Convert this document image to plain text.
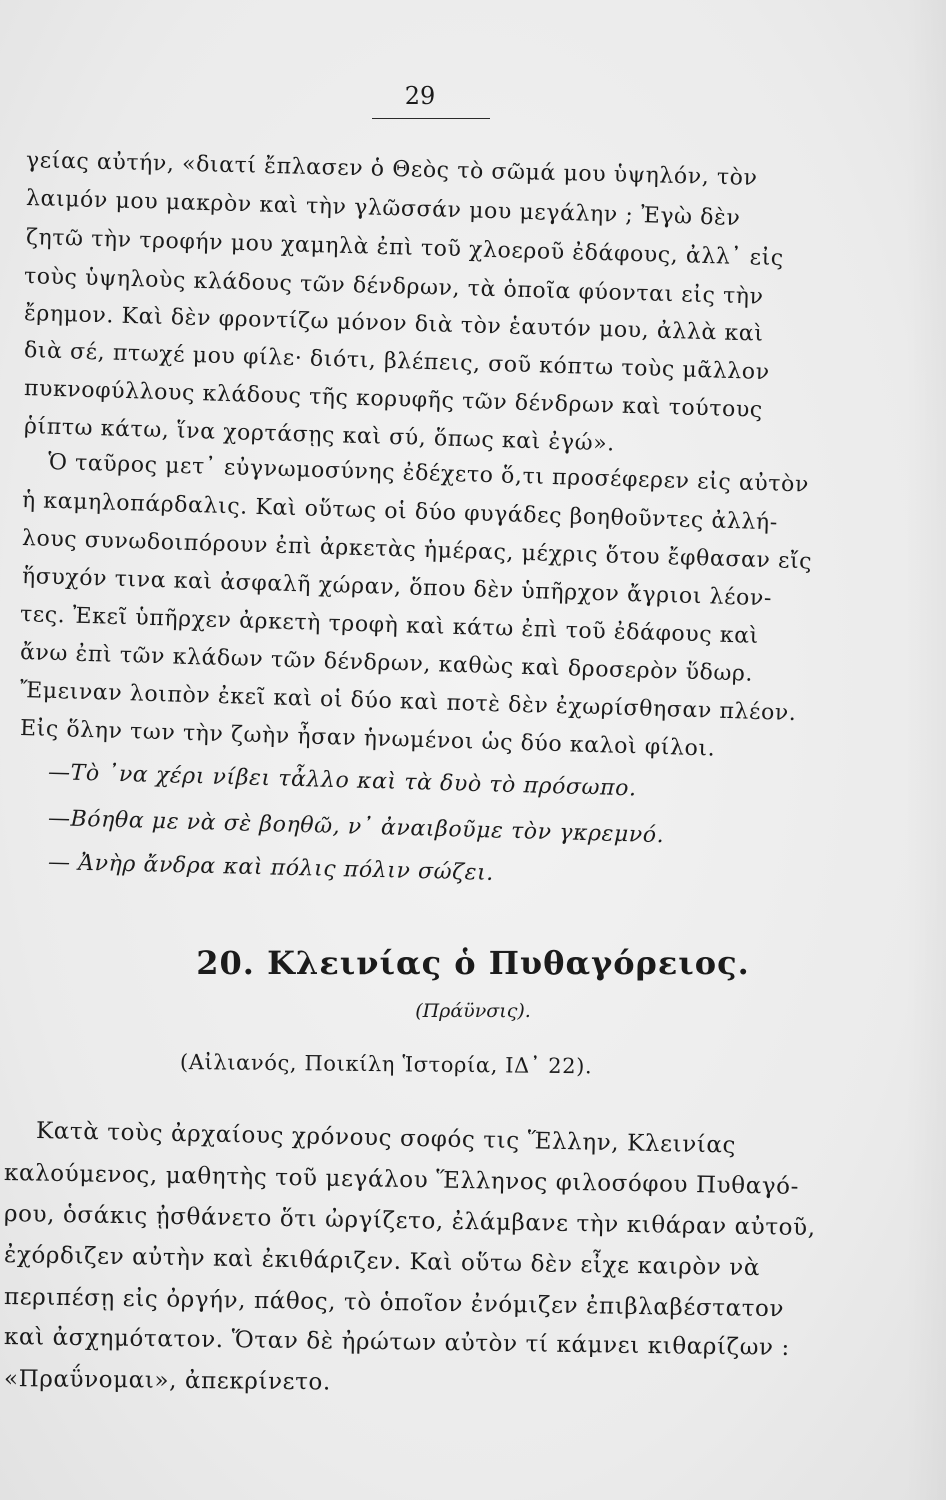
29
γείας αὐτήν, «διατί ἔπλασεν ὁ Θεὸς τὸ σῶμά μου ὑψηλόν, τὸν
λαιμόν μου μακρὸν καὶ τὴν γλῶσσάν μου μεγάλην ; Ἐγὼ δὲν
ζητῶ τὴν τροφήν μου χαμηλὰ ἐπὶ τοῦ χλοεροῦ ἐδάφους, ἀλλ᾽ εἰς
τοὺς ὑψηλοὺς κλάδους τῶν δένδρων, τὰ ὁποῖα φύονται εἰς τὴν
ἔρημον. Καὶ δὲν φροντίζω μόνον διὰ τὸν ἑαυτόν μου, ἀλλὰ καὶ
διὰ σέ, πτωχέ μου φίλε· διότι, βλέπεις, σοῦ κόπτω τοὺς μᾶλλον
πυκνοφύλλους κλάδους τῆς κορυφῆς τῶν δένδρων καὶ τούτους
ῥίπτω κάτω, ἵνα χορτάσῃς καὶ σύ, ὅπως καὶ ἐγώ».
Ὁ ταῦρος μετ᾽ εὐγνωμοσύνης ἐδέχετο ὅ,τι προσέφερεν εἰς αὐτὸν
ἡ καμηλοπάρδαλις. Καὶ οὕτως οἱ δύο φυγάδες βοηθοῦντες ἀλλή-
λους συνωδοιπόρουν ἐπὶ ἀρκετὰς ἡμέρας, μέχρις ὅτου ἔφθασαν εἴς
ἥσυχόν τινα καὶ ἀσφαλῆ χώραν, ὅπου δὲν ὑπῆρχον ἄγριοι λέον-
τες. Ἐκεῖ ὑπῆρχεν ἀρκετὴ τροφὴ καὶ κάτω ἐπὶ τοῦ ἐδάφους καὶ
ἄνω ἐπὶ τῶν κλάδων τῶν δένδρων, καθὼς καὶ δροσερὸν ὕδωρ.
Ἔμειναν λοιπὸν ἐκεῖ καὶ οἱ δύο καὶ ποτὲ δὲν ἐχωρίσθησαν πλέον.
Εἰς ὅλην των τὴν ζωὴν ἦσαν ἡνωμένοι ὡς δύο καλοὶ φίλοι.
—Τὸ ᾽να χέρι νίβει τἆλλο καὶ τὰ δυὸ τὸ πρόσωπο.
—Βόηθα με νὰ σὲ βοηθῶ, ν᾽ ἀναιβοῦμε τὸν γκρεμνό.
— Ἀνὴρ ἄνδρα καὶ πόλις πόλιν σώζει.
20. Κλεινίας ὁ Πυθαγόρειος.
(Πράϋνσις).
(Αἰλιανός, Ποικίλη Ἱστορία, ΙΔ᾽ 22).
Κατὰ τοὺς ἀρχαίους χρόνους σοφός τις Ἕλλην, Κλεινίας
καλούμενος, μαθητὴς τοῦ μεγάλου Ἕλληνος φιλοσόφου Πυθαγό-
ρου, ὁσάκις ᾐσθάνετο ὅτι ὠργίζετο, ἐλάμβανε τὴν κιθάραν αὐτοῦ,
ἐχόρδιζεν αὐτὴν καὶ ἐκιθάριζεν. Καὶ οὕτω δὲν εἶχε καιρὸν νὰ
περιπέσῃ εἰς ὀργήν, πάθος, τὸ ὁποῖον ἐνόμιζεν ἐπιβλαβέστατον
καὶ ἀσχημότατον. Ὅταν δὲ ἠρώτων αὐτὸν τί κάμνει κιθαρίζων :
«Πραΰνομαι», ἀπεκρίνετο.
